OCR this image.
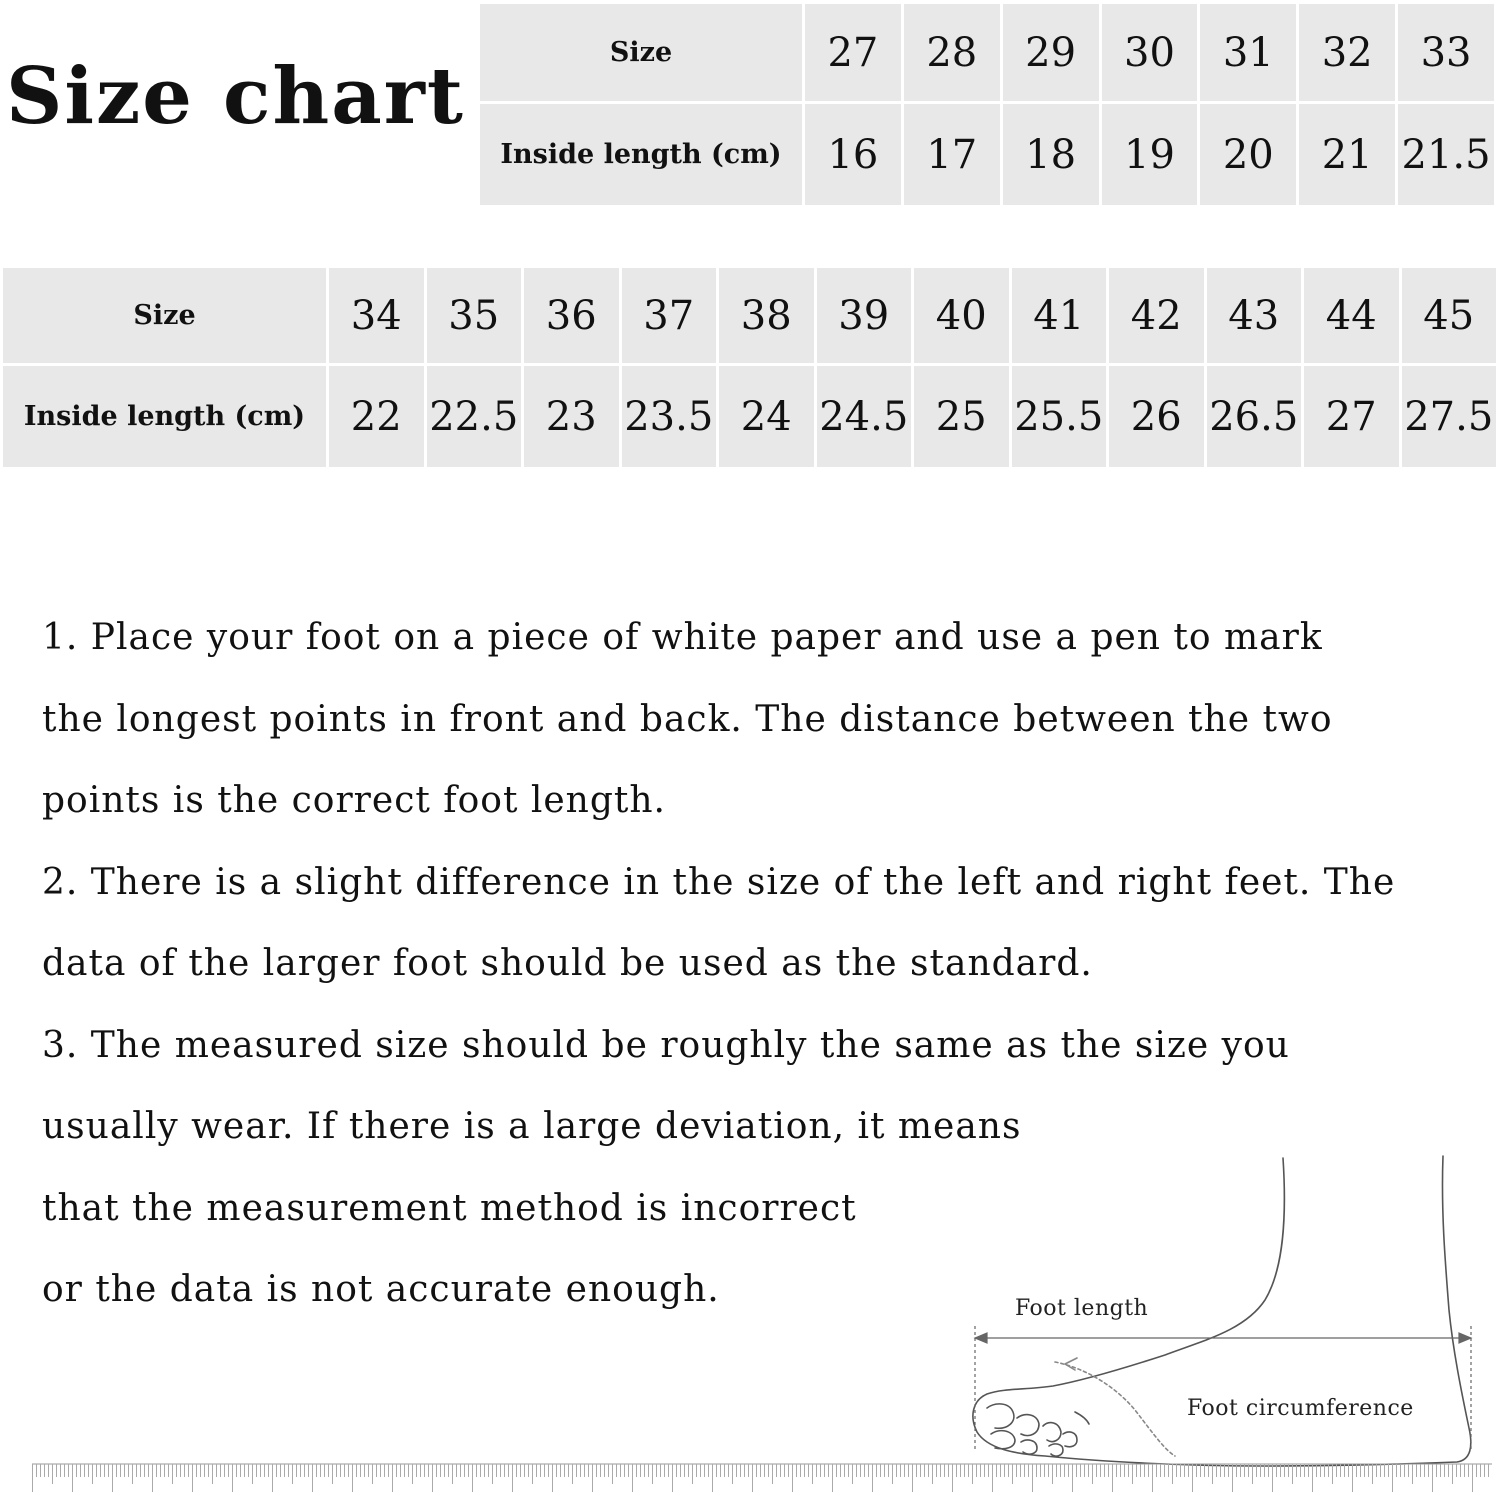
Size chart	Size	27	28	29	30	31	32	33
Inside length (cm)	16	17	18	19	20	21	21.5
Size	34	35	36	37	38	39	40	41	42	43	44	45
Inside length (cm)	22	22.5	23	23.5	24	24.5	25	25.5	26	26.5	27	27.5
1. Place your foot on a piece of white paper and use a pen to mark
the longest points in front and back. The distance between the two
points is the correct foot length.
2. There is a slight difference in the size of the left and right feet. The
data of the larger foot should be used as the standard.
3. The measured size should be roughly the same as the size you
usually wear. If there is a large deviation, it means
that the measurement method is incorrect
or the data is not accurate enough.	Foot length
Foot circumference
